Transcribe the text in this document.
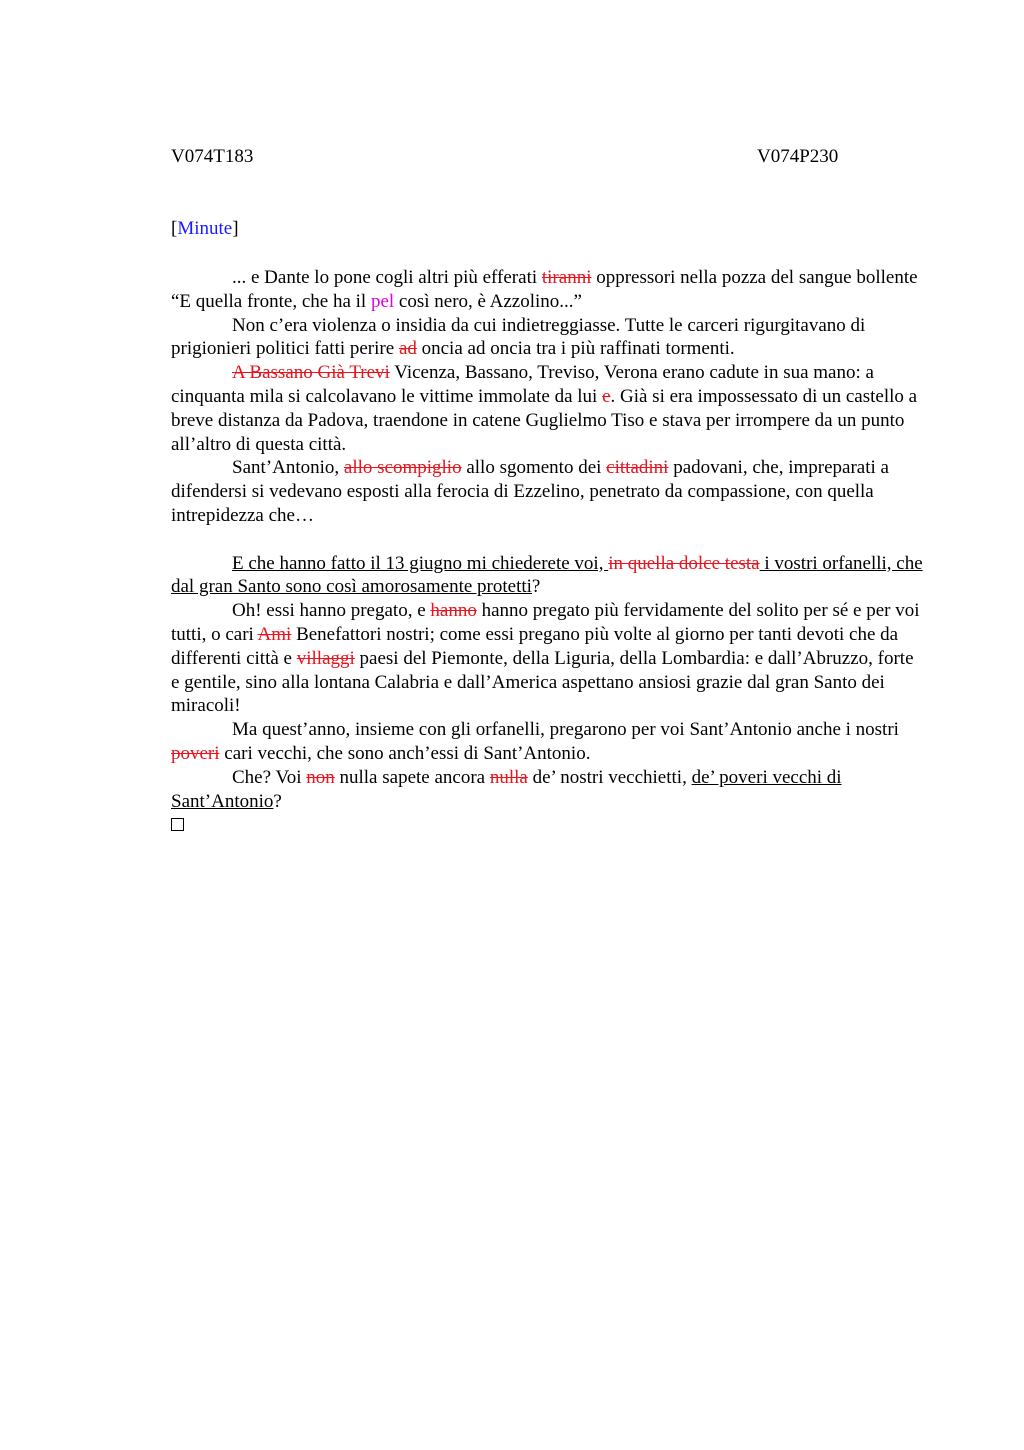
V074T183	V074P230
[Minute]

... e Dante lo pone cogli altri più efferati tiranni oppressori nella pozza del sangue bollente “E quella fronte, che ha il pel così nero, è Azzolino...”

Non c’era violenza o insidia da cui indietreggiasse. Tutte le carceri rigurgitavano di prigionieri politici fatti perire ad oncia ad oncia tra i più raffinati tormenti.

A Bassano Già Trevi Vicenza, Bassano, Treviso, Verona erano cadute in sua mano: a cinquanta mila si calcolavano le vittime immolate da lui e. Già si era impossessato di un castello a breve distanza da Padova, traendone in catene Guglielmo Tiso e stava per irrompere da un punto all’altro di questa città.

Sant’Antonio, allo scompiglio allo sgomento dei cittadini padovani, che, impreparati a difendersi si vedevano esposti alla ferocia di Ezzelino, penetrato da compassione, con quella intrepidezza che…

E che hanno fatto il 13 giugno mi chiederete voi, in quella dolce testa i vostri orfanelli, che dal gran Santo sono così amorosamente protetti?

Oh! essi hanno pregato, e hanno hanno pregato più fervidamente del solito per sé e per voi tutti, o cari Ami Benefattori nostri; come essi pregano più volte al giorno per tanti devoti che da differenti città e villaggi paesi del Piemonte, della Liguria, della Lombardia: e dall’Abruzzo, forte e gentile, sino alla lontana Calabria e dall’America aspettano ansiosi grazie dal gran Santo dei miracoli!

Ma quest’anno, insieme con gli orfanelli, pregarono per voi Sant’Antonio anche i nostri poveri cari vecchi, che sono anch’essi di Sant’Antonio.

Che? Voi non nulla sapete ancora nulla de’ nostri vecchietti, de’ poveri vecchi di Sant’Antonio?
